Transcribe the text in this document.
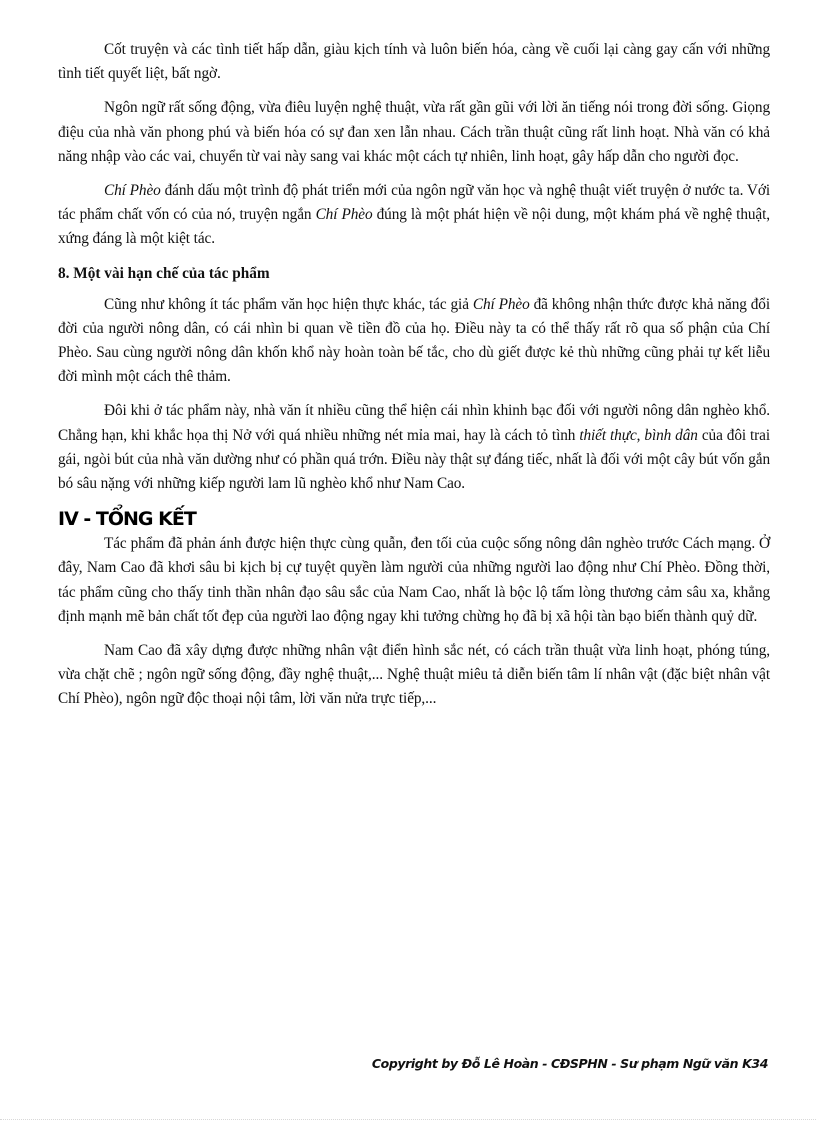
Cốt truyện và các tình tiết hấp dẫn, giàu kịch tính và luôn biến hóa, càng về cuối lại càng gay cấn với những tình tiết quyết liệt, bất ngờ.

Ngôn ngữ rất sống động, vừa điêu luyện nghệ thuật, vừa rất gần gũi với lời ăn tiếng nói trong đời sống. Giọng điệu của nhà văn phong phú và biến hóa có sự đan xen lẫn nhau. Cách trần thuật cũng rất linh hoạt. Nhà văn có khả năng nhập vào các vai, chuyển từ vai này sang vai khác một cách tự nhiên, linh hoạt, gây hấp dẫn cho người đọc.

Chí Phèo đánh dấu một trình độ phát triển mới của ngôn ngữ văn học và nghệ thuật viết truyện ở nước ta. Với tác phẩm chất vốn có của nó, truyện ngắn Chí Phèo đúng là một phát hiện về nội dung, một khám phá về nghệ thuật, xứng đáng là một kiệt tác.

8. Một vài hạn chế của tác phẩm

Cũng như không ít tác phẩm văn học hiện thực khác, tác giả Chí Phèo đã không nhận thức được khả năng đổi đời của người nông dân, có cái nhìn bi quan về tiền đồ của họ. Điều này ta có thể thấy rất rõ qua số phận của Chí Phèo. Sau cùng người nông dân khốn khổ này hoàn toàn bế tắc, cho dù giết được kẻ thù những cũng phải tự kết liễu đời mình một cách thê thảm.

Đôi khi ở tác phẩm này, nhà văn ít nhiều cũng thể hiện cái nhìn khinh bạc đối với người nông dân nghèo khổ. Chẳng hạn, khi khắc họa thị Nở với quá nhiều những nét mỉa mai, hay là cách tỏ tình thiết thực, bình dân của đôi trai gái, ngòi bút của nhà văn dường như có phần quá trớn. Điều này thật sự đáng tiếc, nhất là đối với một cây bút vốn gắn bó sâu nặng với những kiếp người lam lũ nghèo khổ như Nam Cao.

IV - TỔNG KẾT

Tác phẩm đã phản ánh được hiện thực cùng quẫn, đen tối của cuộc sống nông dân nghèo trước Cách mạng. Ở đây, Nam Cao đã khơi sâu bi kịch bị cự tuyệt quyền làm người của những người lao động như Chí Phèo. Đồng thời, tác phẩm cũng cho thấy tinh thần nhân đạo sâu sắc của Nam Cao, nhất là bộc lộ tấm lòng thương cảm sâu xa, khẳng định mạnh mẽ bản chất tốt đẹp của người lao động ngay khi tưởng chừng họ đã bị xã hội tàn bạo biến thành quỷ dữ.

Nam Cao đã xây dựng được những nhân vật điển hình sắc nét, có cách trần thuật vừa linh hoạt, phóng túng, vừa chặt chẽ ; ngôn ngữ sống động, đầy nghệ thuật,... Nghệ thuật miêu tả diễn biến tâm lí nhân vật (đặc biệt nhân vật Chí Phèo), ngôn ngữ độc thoại nội tâm, lời văn nửa trực tiếp,...

Copyright by Đỗ Lê Hoàn - CĐSPHN - Sư phạm Ngữ văn K34
